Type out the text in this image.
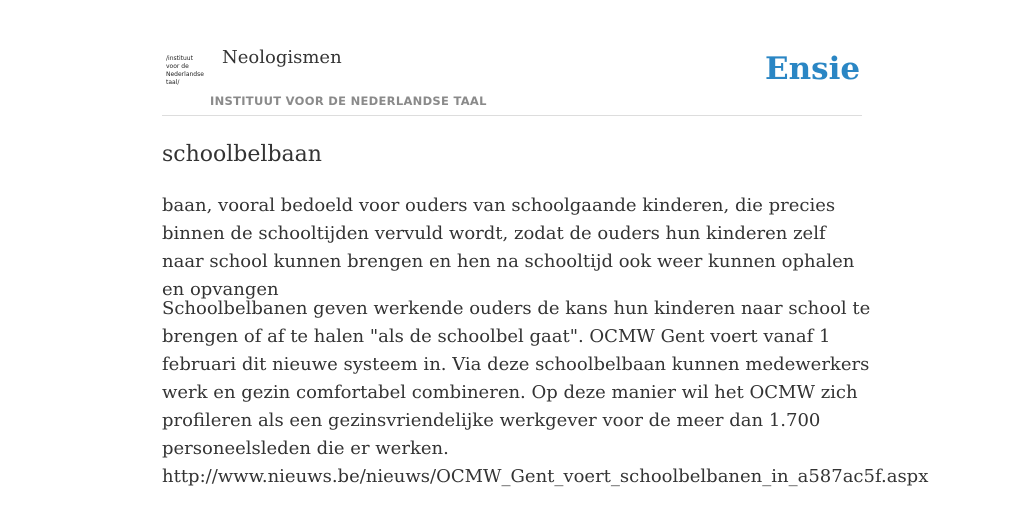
/instituut
voor de
Nederlandse
taal/
Neologismen
INSTITUUT VOOR DE NEDERLANDSE TAAL
Ensie
schoolbelbaan

baan, vooral bedoeld voor ouders van schoolgaande kinderen, die precies binnen de schooltijden vervuld wordt, zodat de ouders hun kinderen zelf naar school kunnen brengen en hen na schooltijd ook weer kunnen ophalen en opvangen

Schoolbelbanen geven werkende ouders de kans hun kinderen naar school te brengen of af te halen "als de schoolbel gaat". OCMW Gent voert vanaf 1 februari dit nieuwe systeem in. Via deze schoolbelbaan kunnen medewerkers werk en gezin comfortabel combineren. Op deze manier wil het OCMW zich profileren als een gezinsvriendelijke werkgever voor de meer dan 1.700 personeelsleden die er werken.
http://www.nieuws.be/nieuws/OCMW_Gent_voert_schoolbelbanen_in_a587ac5f.aspx
